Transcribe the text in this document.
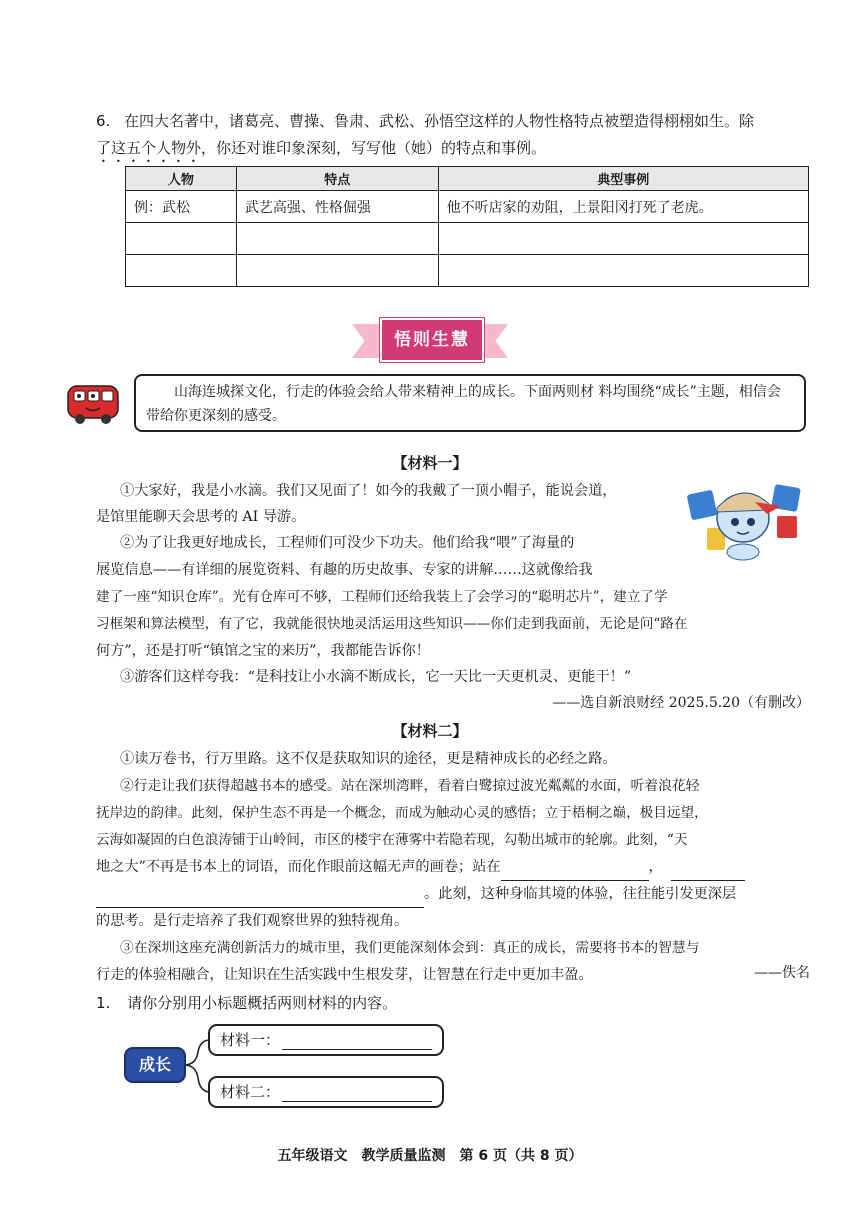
6. 在四大名著中，诸葛亮、曹操、鲁肃、武松、孙悟空这样的人物性格特点被塑造得栩栩如生。除
了这五个人物外，你还对谁印象深刻，写写他（她）的特点和事例。
人物	特点	典型事例
例：武松	武艺高强、性格倔强	他不听店家的劝阻，上景阳冈打死了老虎。

悟则生慧
山海连城探文化，行走的体验会给人带来精神上的成长。下面两则材 料均围绕“成长”主题，相信会带给你更深刻的感受。
【材料一】
①大家好，我是小水滴。我们又见面了！如今的我戴了一顶小帽子，能说会道，
是馆里能聊天会思考的 AI 导游。
②为了让我更好地成长，工程师们可没少下功夫。他们给我“喂”了海量的
展览信息——有详细的展览资料、有趣的历史故事、专家的讲解……这就像给我
建了一座“知识仓库”。光有仓库可不够，工程师们还给我装上了会学习的“聪明芯片”，建立了学
习框架和算法模型，有了它，我就能很快地灵活运用这些知识——你们走到我面前，无论是问“路在
何方”，还是打听“镇馆之宝的来历”，我都能告诉你！
③游客们这样夸我：“是科技让小水滴不断成长，它一天比一天更机灵、更能干！”
——选自新浪财经 2025.5.20（有删改）
【材料二】
①读万卷书，行万里路。这不仅是获取知识的途径，更是精神成长的必经之路。
②行走让我们获得超越书本的感受。站在深圳湾畔，看着白鹭掠过波光粼粼的水面，听着浪花轻
抚岸边的韵律。此刻，保护生态不再是一个概念，而成为触动心灵的感悟；立于梧桐之巅，极目远望，
云海如凝固的白色浪涛铺于山岭间，市区的楼宇在薄雾中若隐若现，勾勒出城市的轮廓。此刻，“天
地之大”不再是书本上的词语，而化作眼前这幅无声的画卷；站在	，
。此刻，这种身临其境的体验，往往能引发更深层
的思考。是行走培养了我们观察世界的独特视角。
③在深圳这座充满创新活力的城市里，我们更能深刻体会到：真正的成长，需要将书本的智慧与
行走的体验相融合，让知识在生活实践中生根发芽，让智慧在行走中更加丰盈。	——佚名
1. 请你分别用小标题概括两则材料的内容。
成长
材料一：
材料二：
五年级语文　教学质量监测　第 6 页（共 8 页）
